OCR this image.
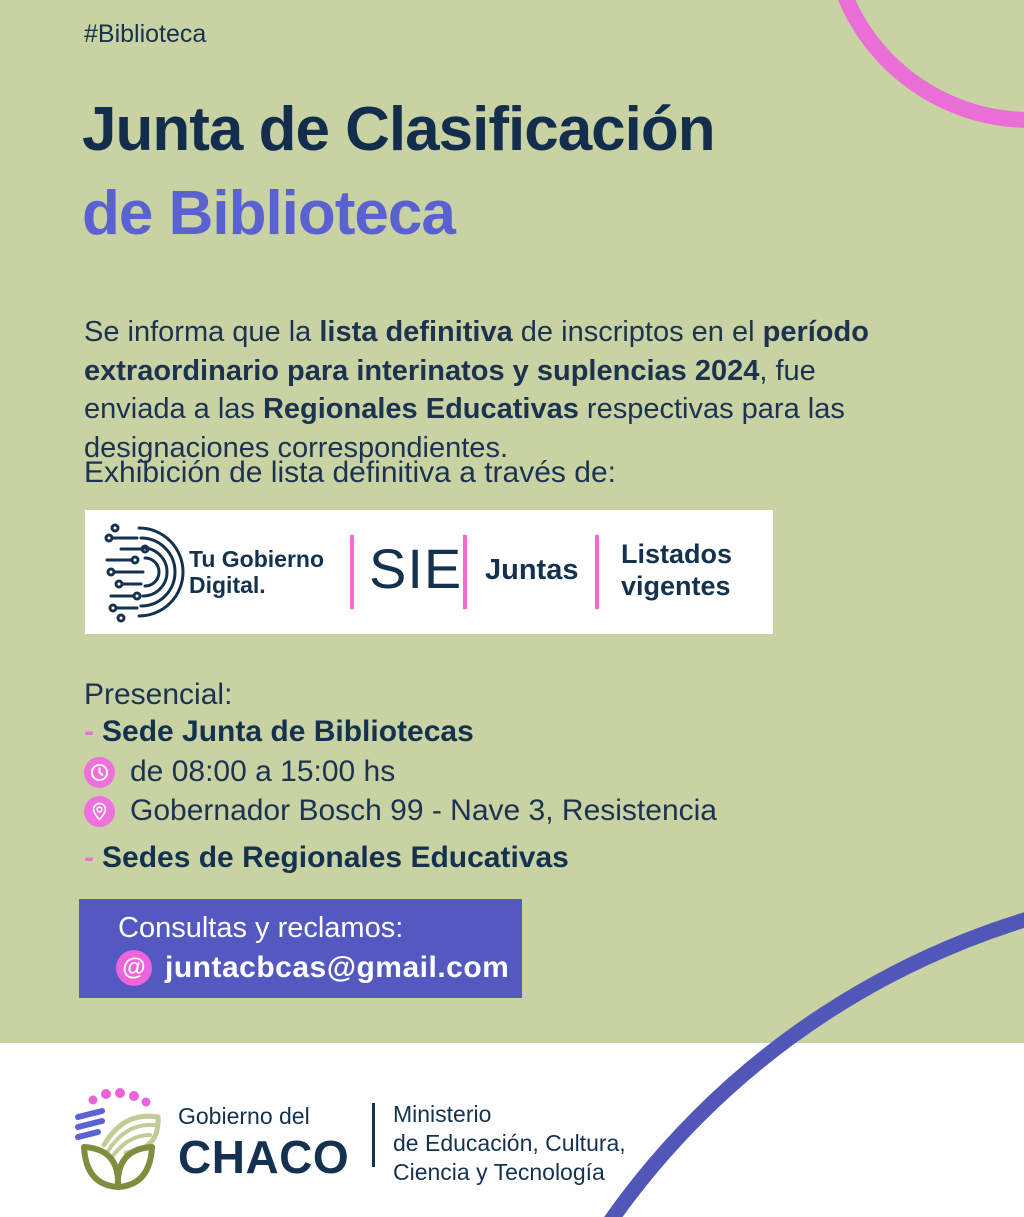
#Biblioteca
Junta de Clasificación
de Biblioteca

Se informa que la lista definitiva de inscriptos en el período extraordinario para interinatos y suplencias 2024, fue enviada a las Regionales Educativas respectivas para las designaciones correspondientes.

Exhibición de lista definitiva a través de:
Tu Gobierno
Digital.	SIE Juntas Listados
vigentes
Presencial:
- Sede Junta de Bibliotecas
de 08:00 a 15:00 hs
Gobernador Bosch 99 - Nave 3, Resistencia
- Sedes de Regionales Educativas
Consultas y reclamos:
@ juntacbcas@gmail.com
Gobierno del
CHACO
Ministerio
de Educación, Cultura,
Ciencia y Tecnología
